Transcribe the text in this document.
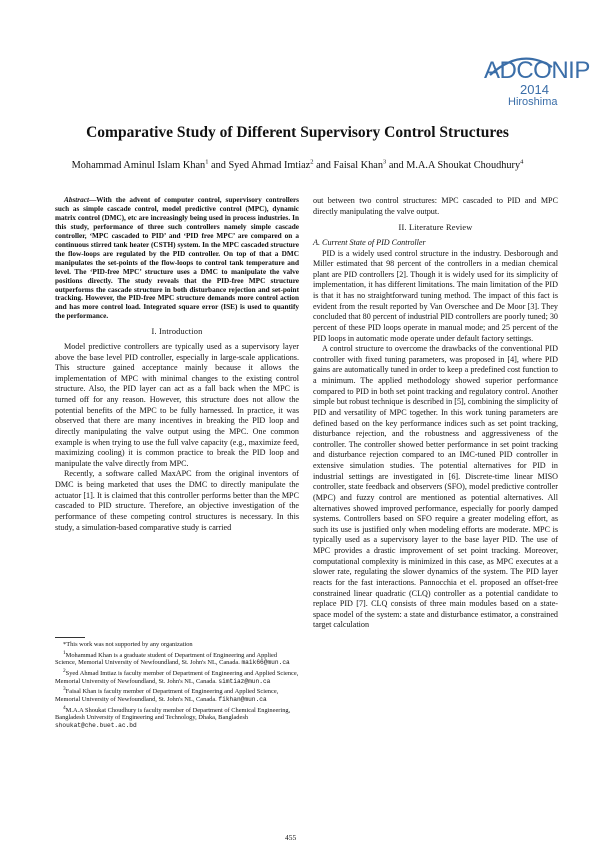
ADCONIP
2014
Hiroshima
Comparative Study of Different Supervisory Control Structures
Mohammad Aminul Islam Khan$^1$ and Syed Ahmad Imtiaz$^2$ and Faisal Khan$^3$ and M.A.A Shoukat Choudhury$^4$
Abstract—With the advent of computer control, supervisory controllers such as simple cascade control, model predictive control (MPC), dynamic matrix control (DMC), etc are increasingly being used in process industries. In this study, performance of three such controllers namely simple cascade controller, ‘MPC cascaded to PID’ and ‘PID free MPC’ are compared on a continuous stirred tank heater (CSTH) system. In the MPC cascaded structure the flow-loops are regulated by the PID controller. On top of that a DMC manipulates the set-points of the flow-loops to control tank temperature and level. The ‘PID-free MPC’ structure uses a DMC to manipulate the valve positions directly. The study reveals that the PID-free MPC structure outperforms the cascade structure in both disturbance rejection and set-point tracking. However, the PID-free MPC structure demands more control action and has more control load. Integrated square error (ISE) is used to quantify the performance.
I. Introduction

Model predictive controllers are typically used as a supervisory layer above the base level PID controller, especially in large-scale applications. This structure gained acceptance mainly because it allows the implementation of MPC with minimal changes to the existing control structure. Also, the PID layer can act as a fall back when the MPC is turned off for any reason. However, this structure does not allow the potential benefits of the MPC to be fully harnessed. In practice, it was observed that there are many incentives in breaking the PID loop and directly manipulating the valve output using the MPC. One common example is when trying to use the full valve capacity (e.g., maximize feed, maximizing cooling) it is common practice to break the PID loop and manipulate the valve directly from MPC.

Recently, a software called MaxAPC from the original inventors of DMC is being marketed that uses the DMC to directly manipulate the actuator [1]. It is claimed that this controller performs better than the MPC cascaded to PID structure. Therefore, an objective investigation of the performance of these competing control structures is necessary. In this study, a simulation-based comparative study is carried

*This work was not supported by any organization

$^1$Mohammad Khan is a graduate student of Department of Engineering and Applied Science, Memorial University of Newfoundland, St. John's NL, Canada. maik66@mun.ca

$^2$Syed Ahmad Imtiaz is faculty member of Department of Engineering and Applied Science, Memorial University of Newfoundland, St. John's NL, Canada. simtiaz@mun.ca

$^3$Faisal Khan is faculty member of Department of Engineering and Applied Science, Memorial University of Newfoundland, St. John's NL, Canada. fikhan@mun.ca

$^4$M.A.A Shoukat Choudhury is faculty member of Department of Chemical Engineering, Bangladesh University of Engineering and Technology, Dhaka, Bangladesh shoukat@che.buet.ac.bd

out between two control structures: MPC cascaded to PID and MPC directly manipulating the valve output.

II. Literature Review
A. Current State of PID Controller

PID is a widely used control structure in the industry. Desborough and Miller estimated that 98 percent of the controllers in a median chemical plant are PID controllers [2]. Though it is widely used for its simplicity of implementation, it has different limitations. The main limitation of the PID is that it has no straightforward tuning method. The impact of this fact is evident from the result reported by Van Overschee and De Moor [3]. They concluded that 80 percent of industrial PID controllers are poorly tuned; 30 percent of these PID loops operate in manual mode; and 25 percent of the PID loops in automatic mode operate under default factory settings.

A control structure to overcome the drawbacks of the conventional PID controller with fixed tuning parameters, was proposed in [4], where PID gains are automatically tuned in order to keep a predefined cost function to a minimum. The applied methodology showed superior performance compared to PID in both set point tracking and regulatory control. Another simple but robust technique is described in [5], combining the simplicity of PID and versatility of MPC together. In this work tuning parameters are defined based on the key performance indices such as set point tracking, disturbance rejection, and the robustness and aggressiveness of the controller. The controller showed better performance in set point tracking and disturbance rejection compared to an IMC-tuned PID controller in extensive simulation studies. The potential alternatives for PID in industrial settings are investigated in [6]. Discrete-time linear MISO controller, state feedback and observers (SFO), model predictive controller (MPC) and fuzzy control are mentioned as potential alternatives. All alternatives showed improved performance, especially for poorly damped systems. Controllers based on SFO require a greater modeling effort, as such its use is justified only when modeling efforts are moderate. MPC is typically used as a supervisory layer to the base layer PID. The use of MPC provides a drastic improvement of set point tracking. Moreover, computational complexity is minimized in this case, as MPC executes at a slower rate, regulating the slower dynamics of the system. The PID layer reacts for the fast interactions. Pannocchia et el. proposed an offset-free constrained linear quadratic (CLQ) controller as a potential candidate to replace PID [7]. CLQ consists of three main modules based on a state-space model of the system: a state and disturbance estimator, a constrained target calculation

455
